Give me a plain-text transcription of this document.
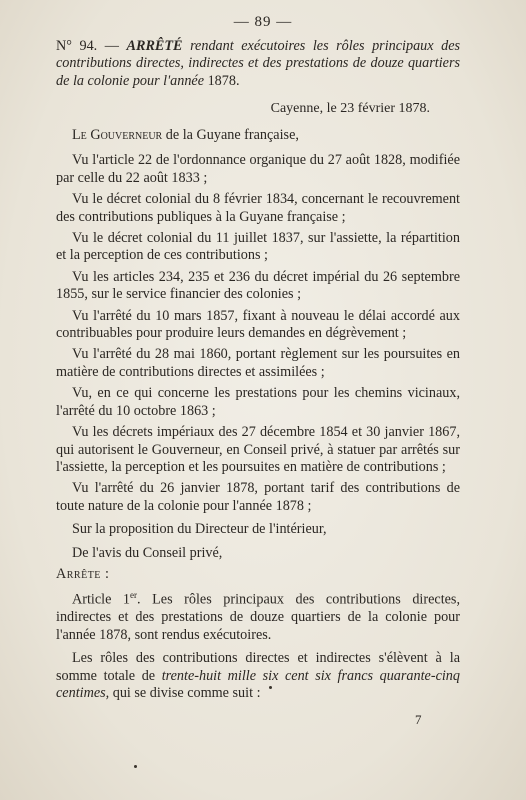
— 89 —
N° 94. — ARRÊTÉ rendant exécutoires les rôles principaux des contributions directes, indirectes et des prestations de douze quartiers de la colonie pour l'année 1878.
Cayenne, le 23 février 1878.

Le Gouverneur de la Guyane française,

Vu l'article 22 de l'ordonnance organique du 27 août 1828, modifiée par celle du 22 août 1833 ;

Vu le décret colonial du 8 février 1834, concernant le recouvrement des contributions publiques à la Guyane française ;

Vu le décret colonial du 11 juillet 1837, sur l'assiette, la répartition et la perception de ces contributions ;

Vu les articles 234, 235 et 236 du décret impérial du 26 septembre 1855, sur le service financier des colonies ;

Vu l'arrêté du 10 mars 1857, fixant à nouveau le délai accordé aux contribuables pour produire leurs demandes en dégrèvement ;

Vu l'arrêté du 28 mai 1860, portant règlement sur les poursuites en matière de contributions directes et assimilées ;

Vu, en ce qui concerne les prestations pour les chemins vicinaux, l'arrêté du 10 octobre 1863 ;

Vu les décrets impériaux des 27 décembre 1854 et 30 janvier 1867, qui autorisent le Gouverneur, en Conseil privé, à statuer par arrêtés sur l'assiette, la perception et les poursuites en matière de contributions ;

Vu l'arrêté du 26 janvier 1878, portant tarif des contributions de toute nature de la colonie pour l'année 1878 ;

Sur la proposition du Directeur de l'intérieur,

De l'avis du Conseil privé,

Arrête :

Article 1er. Les rôles principaux des contributions directes, indirectes et des prestations de douze quartiers de la colonie pour l'année 1878, sont rendus exécutoires.

Les rôles des contributions directes et indirectes s'élèvent à la somme totale de trente-huit mille six cent six francs quarante-cinq centimes, qui se divise comme suit :

7
